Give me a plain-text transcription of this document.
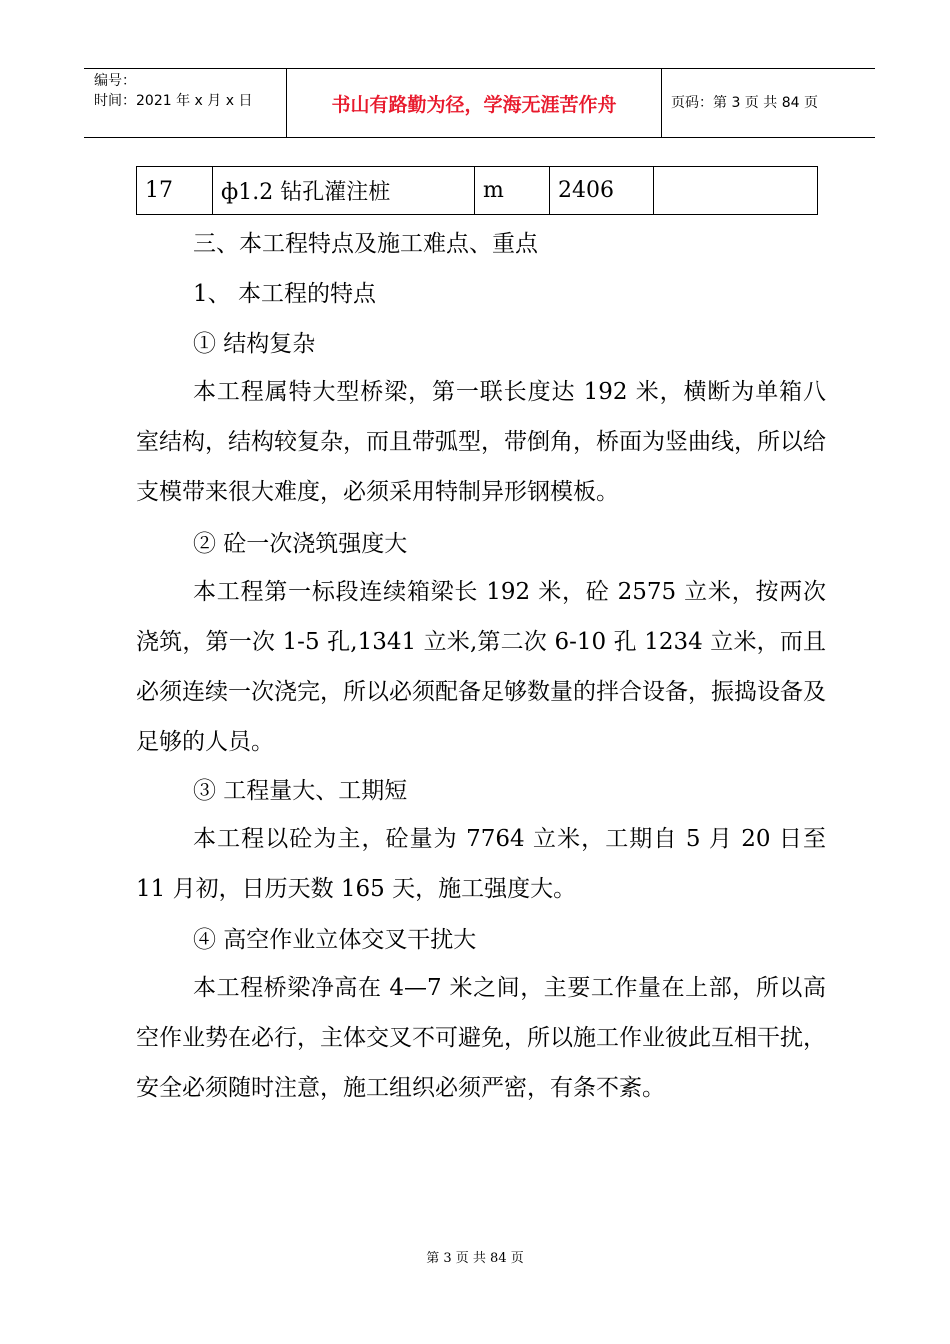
编号：
时间：2021 年 x 月 x 日	书山有路勤为径，学海无涯苦作舟	页码：第 3 页 共 84 页
17	ф1.2 钻孔灌注桩	m	2406	
三、本工程特点及施工难点、重点
1、 本工程的特点
① 结构复杂
本工程属特大型桥梁，第一联长度达 192 米，横断为单箱八室结构，结构较复杂，而且带弧型，带倒角，桥面为竖曲线，所以给支模带来很大难度，必须采用特制异形钢模板。
② 砼一次浇筑强度大
本工程第一标段连续箱梁长 192 米，砼 2575 立米，按两次浇筑，第一次 1-5 孔,1341 立米,第二次 6-10 孔 1234 立米，而且必须连续一次浇完，所以必须配备足够数量的拌合设备，振捣设备及足够的人员。
③ 工程量大、工期短
本工程以砼为主，砼量为 7764 立米，工期自 5 月 20 日至 11 月初，日历天数 165 天，施工强度大。
④ 高空作业立体交叉干扰大
本工程桥梁净高在 4—7 米之间，主要工作量在上部，所以高空作业势在必行，主体交叉不可避免，所以施工作业彼此互相干扰，安全必须随时注意，施工组织必须严密，有条不紊。
第 3 页 共 84 页
